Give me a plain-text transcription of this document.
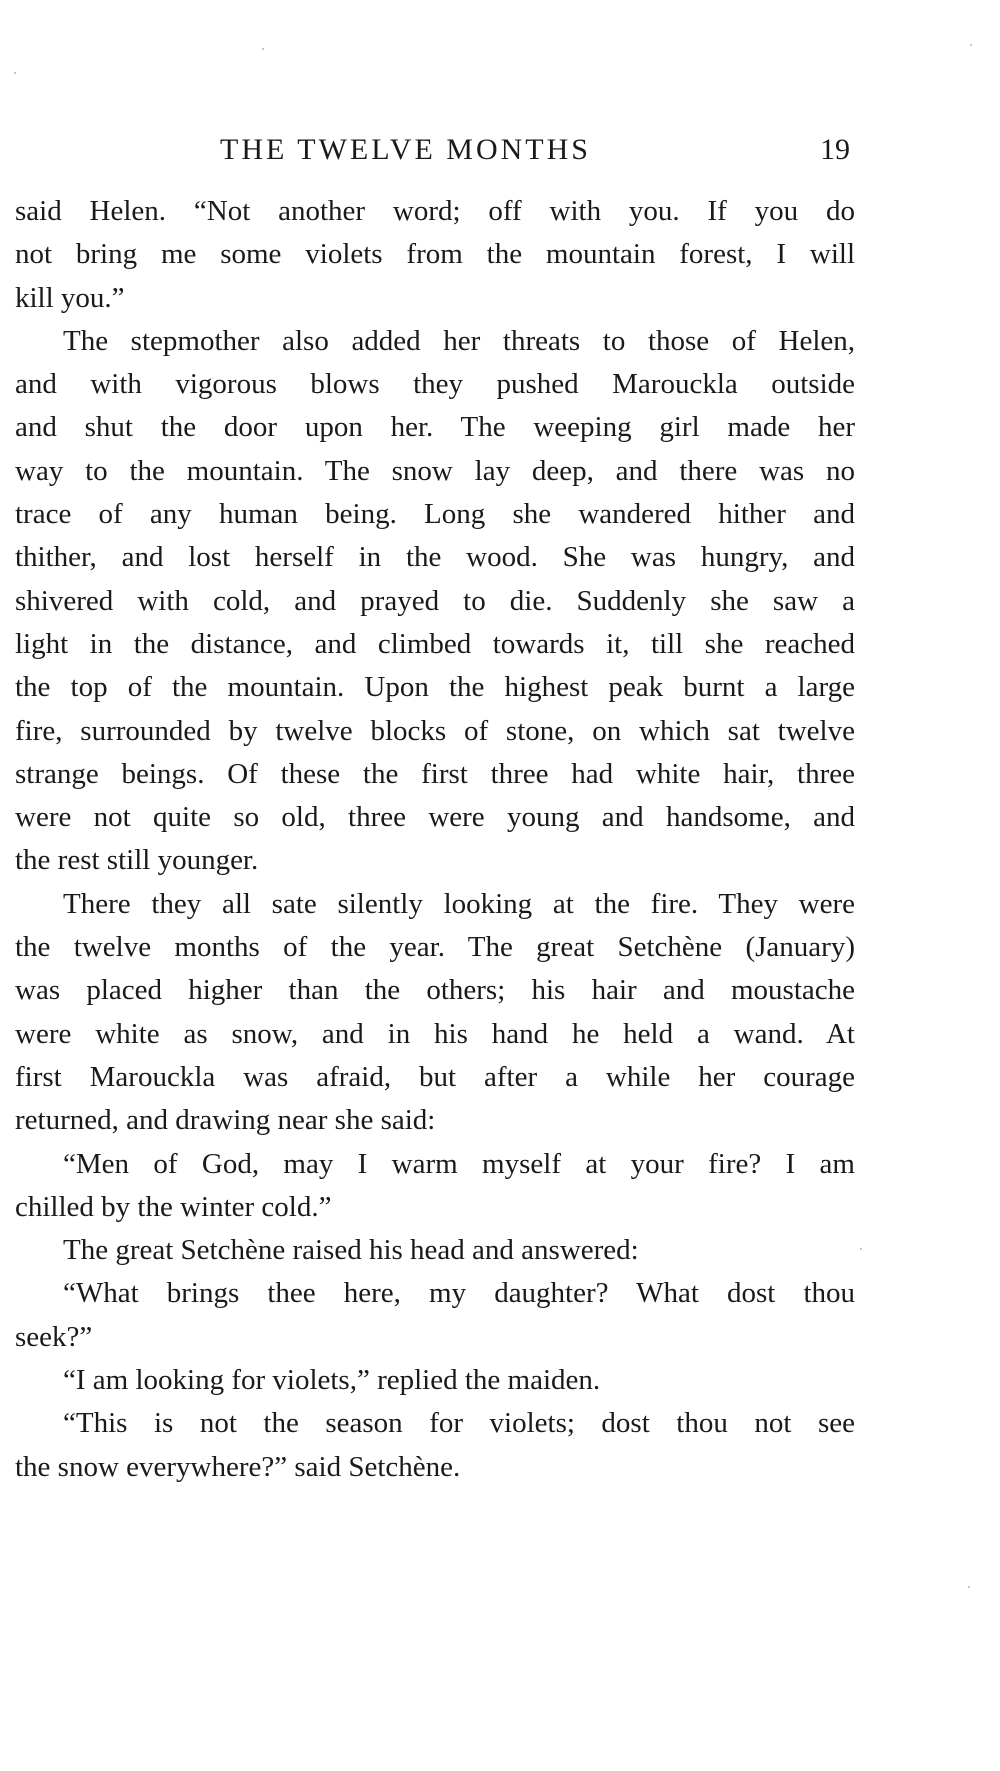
THE TWELVE MONTHS	19
said Helen. “Not another word; off with you. If you do
not bring me some violets from the mountain forest, I will
kill you.”
The stepmother also added her threats to those of Helen,
and with vigorous blows they pushed Marouckla outside
and shut the door upon her. The weeping girl made her
way to the mountain. The snow lay deep, and there was no
trace of any human being. Long she wandered hither and
thither, and lost herself in the wood. She was hungry, and
shivered with cold, and prayed to die. Suddenly she saw a
light in the distance, and climbed towards it, till she reached
the top of the mountain. Upon the highest peak burnt a large
fire, surrounded by twelve blocks of stone, on which sat twelve
strange beings. Of these the first three had white hair, three
were not quite so old, three were young and handsome, and
the rest still younger.
There they all sate silently looking at the fire. They were
the twelve months of the year. The great Setchène (January)
was placed higher than the others; his hair and moustache
were white as snow, and in his hand he held a wand. At
first Marouckla was afraid, but after a while her courage
returned, and drawing near she said:
“Men of God, may I warm myself at your fire? I am
chilled by the winter cold.”
The great Setchène raised his head and answered:
“What brings thee here, my daughter? What dost thou
seek?”
“I am looking for violets,” replied the maiden.
“This is not the season for violets; dost thou not see
the snow everywhere?” said Setchène.
